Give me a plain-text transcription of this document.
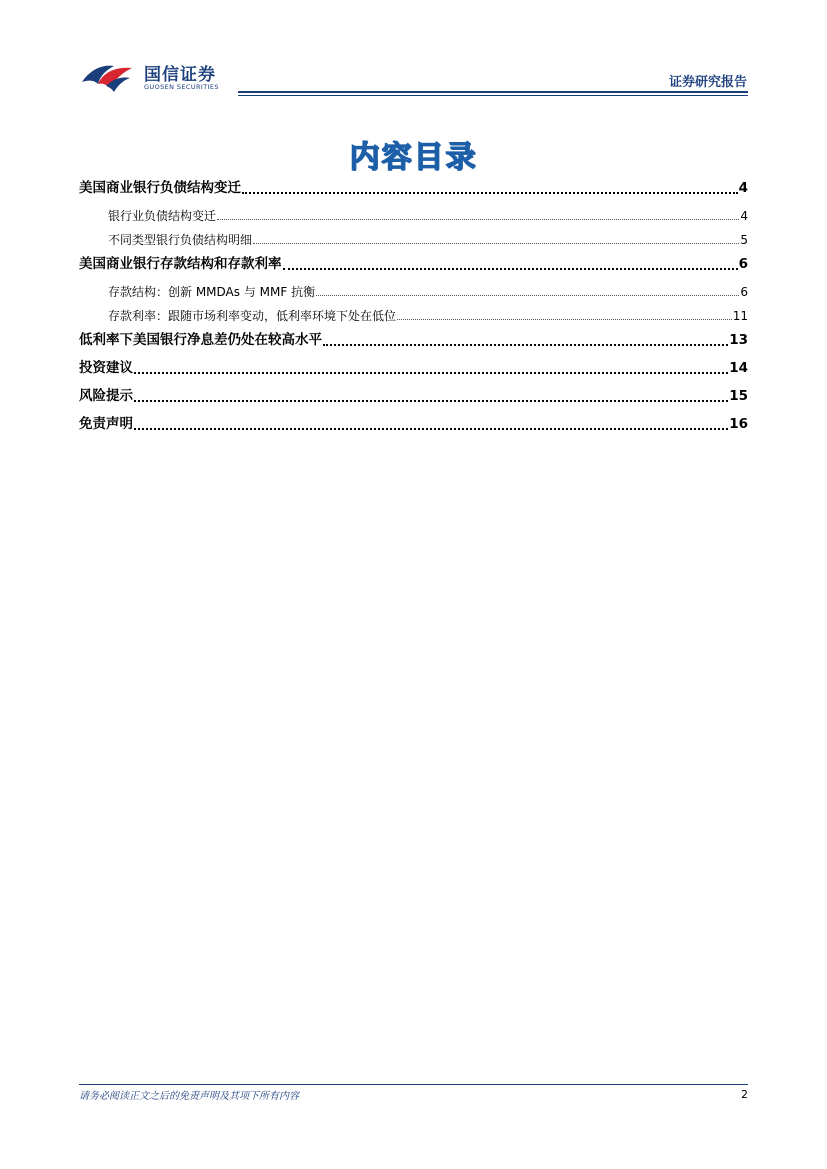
国信证券
GUOSEN SECURITIES	证券研究报告
内容目录
美国商业银行负债结构变迁	4
银行业负债结构变迁	4
不同类型银行负债结构明细	5
美国商业银行存款结构和存款利率	6
存款结构：创新 MMDAs 与 MMF 抗衡	6
存款利率：跟随市场利率变动，低利率环境下处在低位	11
低利率下美国银行净息差仍处在较高水平	13
投资建议	14
风险提示	15
免责声明	16
请务必阅读正文之后的免责声明及其项下所有内容	2
